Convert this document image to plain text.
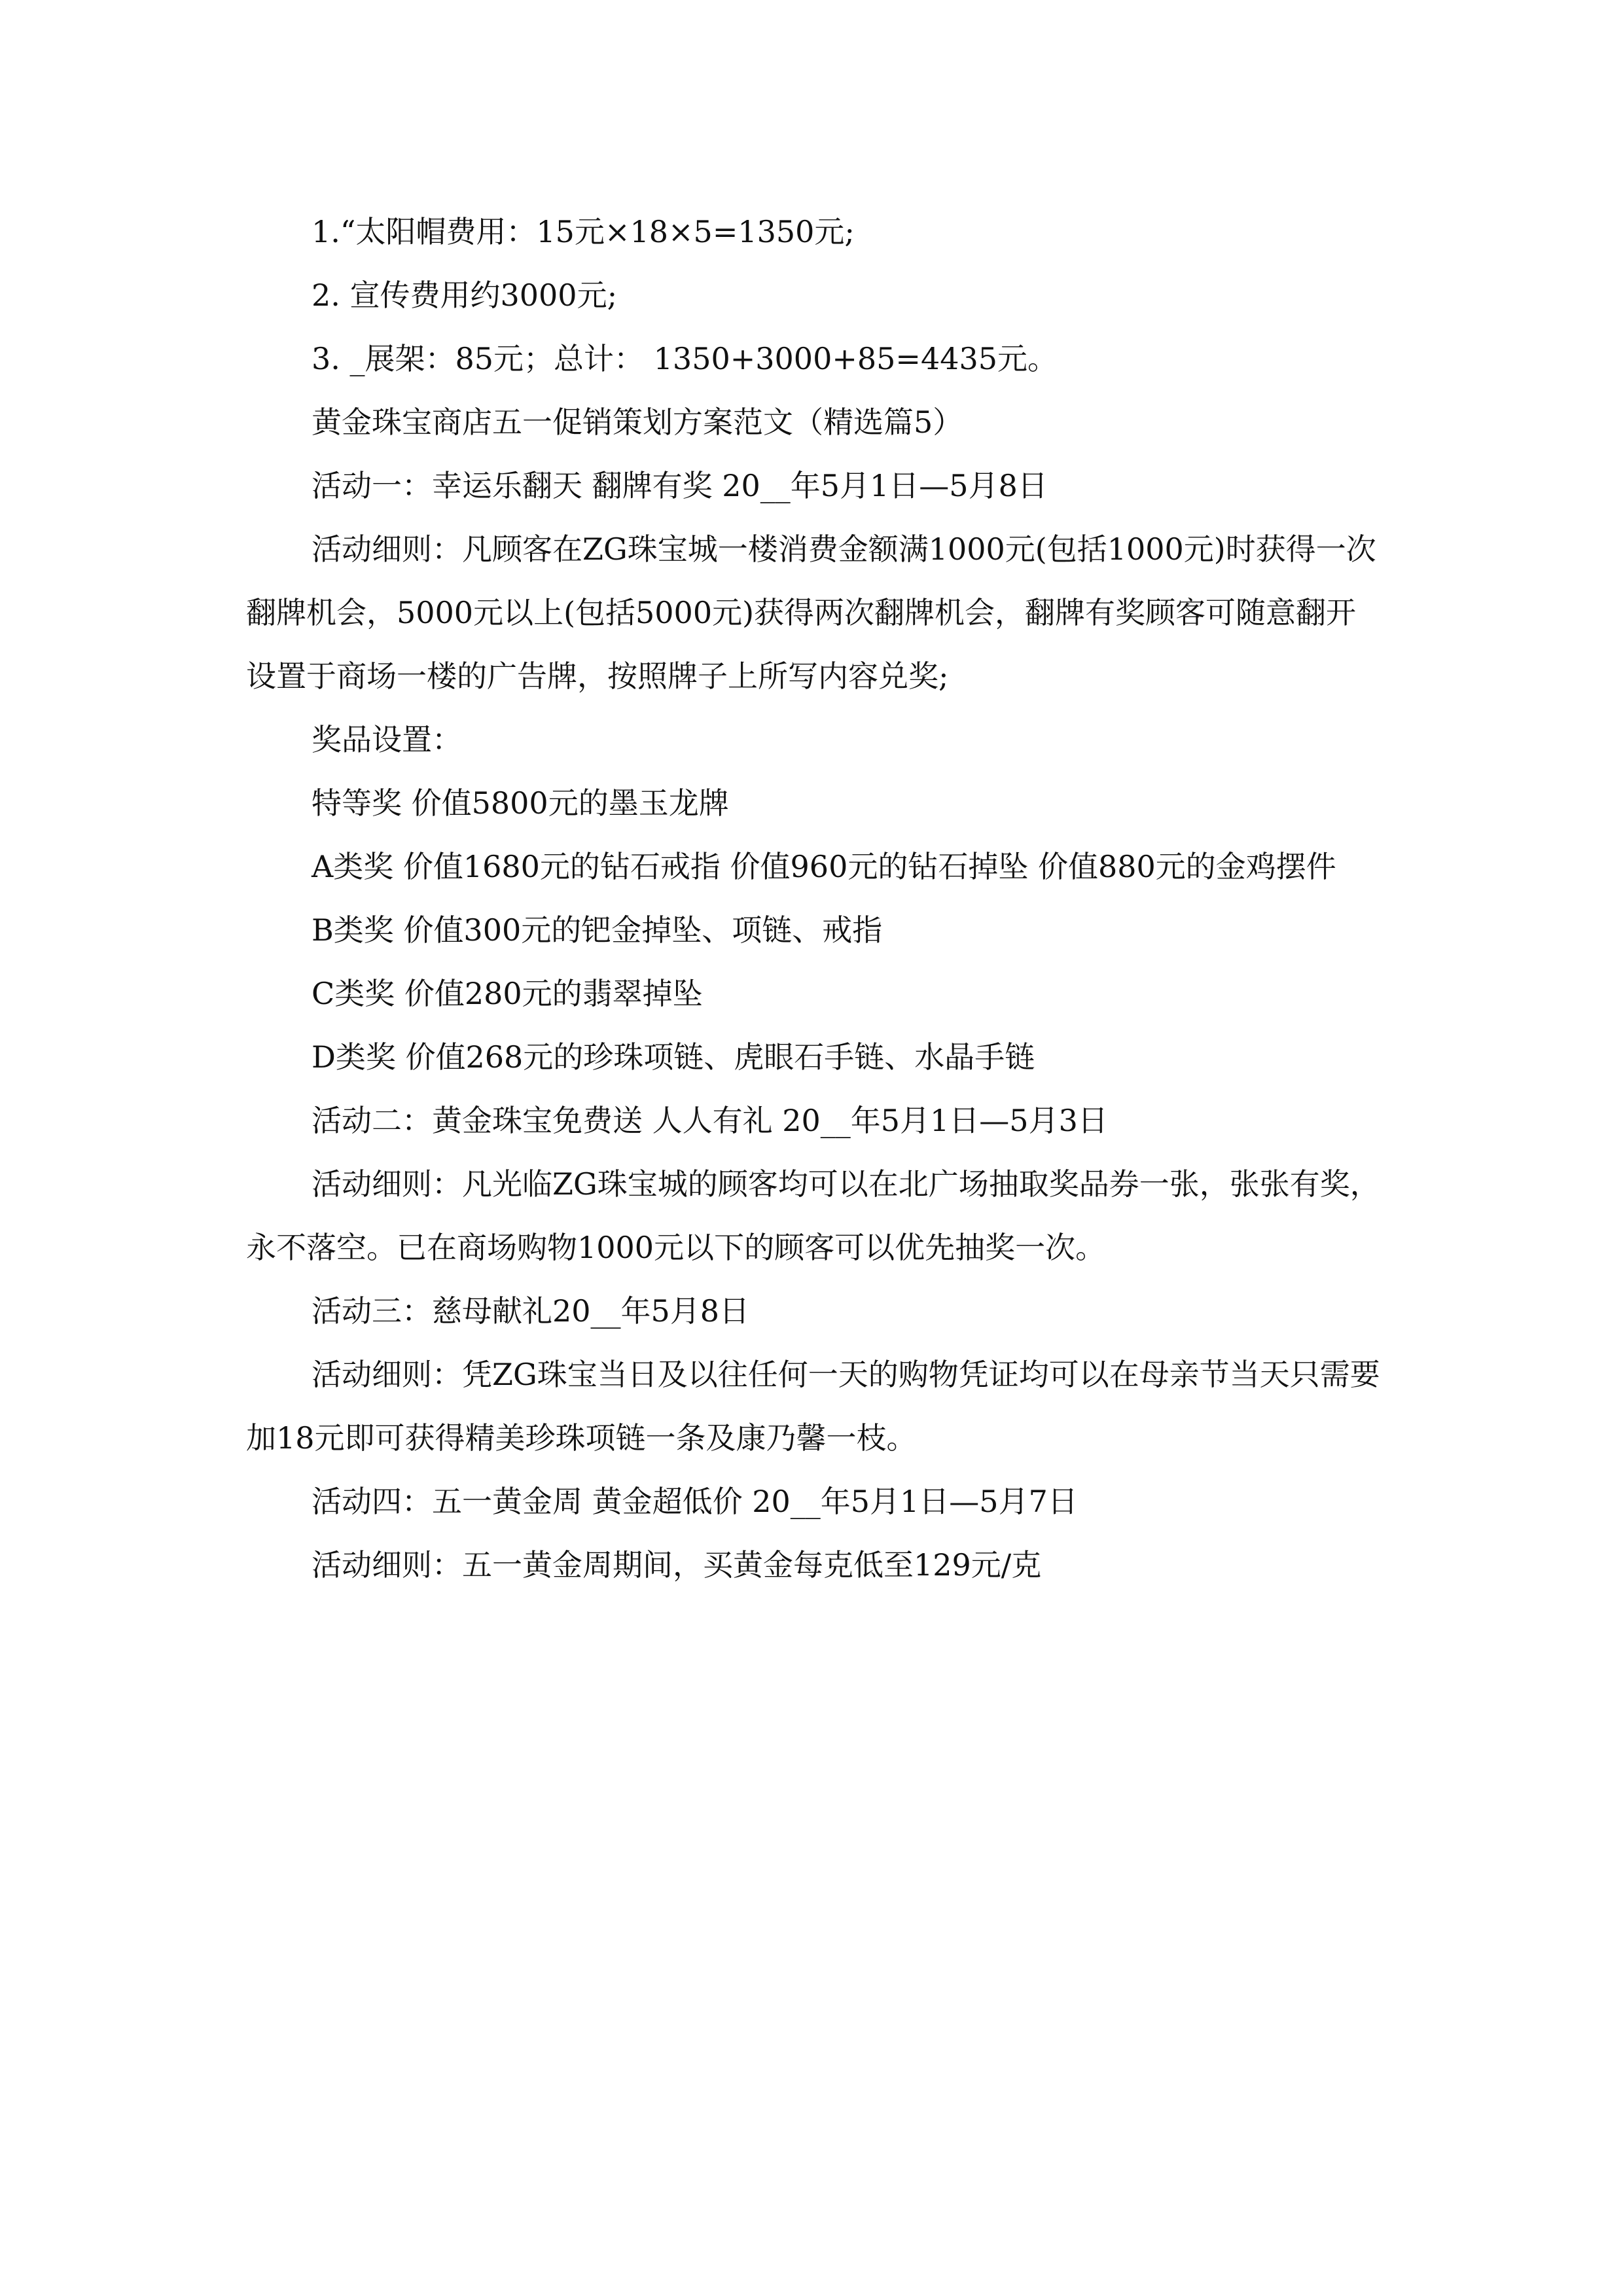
1.“太阳帽费用：15元×18×5=1350元;

2. 宣传费用约3000元;

3. _展架：85元；总计： 1350+3000+85=4435元。

黄金珠宝商店五一促销策划方案范文（精选篇5）

活动一：幸运乐翻天 翻牌有奖 20__年5月1日—5月8日

活动细则：凡顾客在ZG珠宝城一楼消费金额满1000元(包括1000元)时获得一次翻牌机会，5000元以上(包括5000元)获得两次翻牌机会，翻牌有奖顾客可随意翻开设置于商场一楼的广告牌，按照牌子上所写内容兑奖;

奖品设置：

特等奖 价值5800元的墨玉龙牌

A类奖 价值1680元的钻石戒指 价值960元的钻石掉坠 价值880元的金鸡摆件

B类奖 价值300元的钯金掉坠、项链、戒指

C类奖 价值280元的翡翠掉坠

D类奖 价值268元的珍珠项链、虎眼石手链、水晶手链

活动二：黄金珠宝免费送 人人有礼 20__年5月1日—5月3日

活动细则：凡光临ZG珠宝城的顾客均可以在北广场抽取奖品券一张，张张有奖，永不落空。已在商场购物1000元以下的顾客可以优先抽奖一次。

活动三：慈母献礼20__年5月8日

活动细则：凭ZG珠宝当日及以往任何一天的购物凭证均可以在母亲节当天只需要加18元即可获得精美珍珠项链一条及康乃馨一枝。

活动四：五一黄金周 黄金超低价 20__年5月1日—5月7日

活动细则：五一黄金周期间，买黄金每克低至129元/克
